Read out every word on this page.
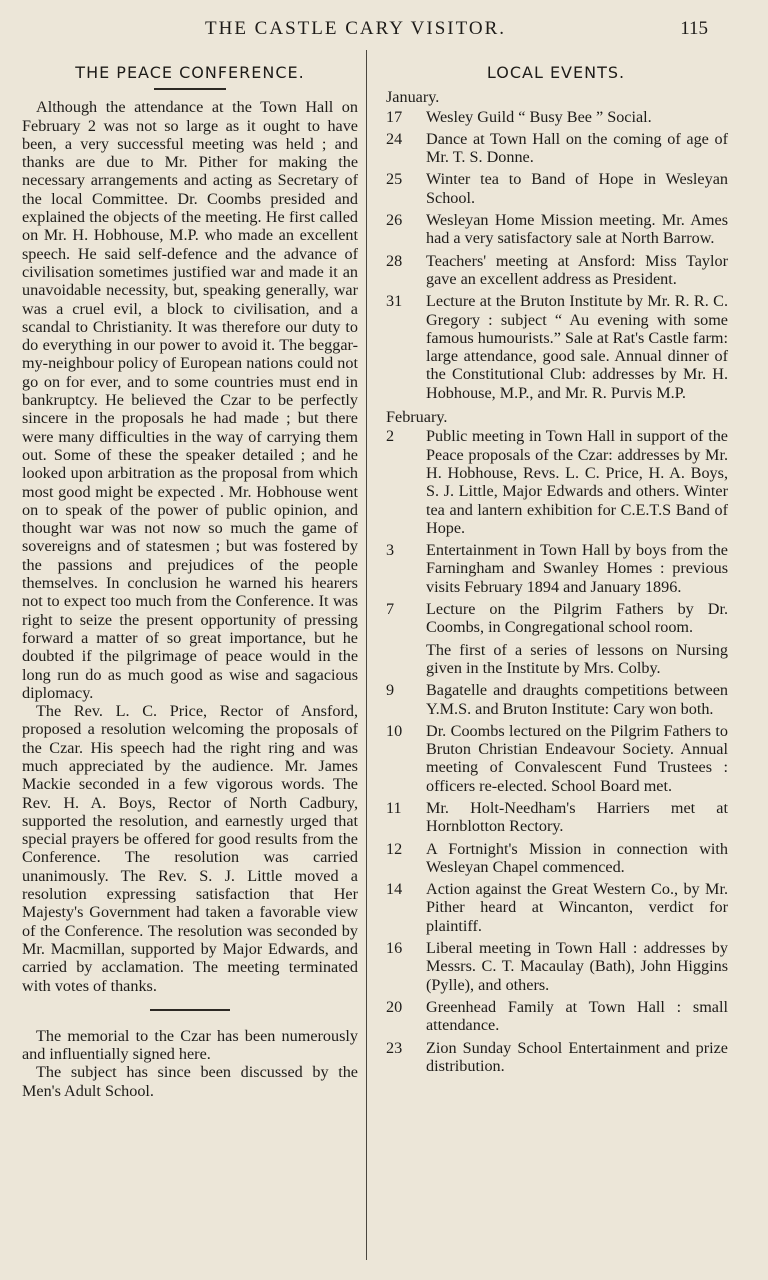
THE CASTLE CARY VISITOR.	115
THE PEACE CONFERENCE.

Although the attendance at the Town Hall on February 2 was not so large as it ought to have been, a very successful meeting was held ; and thanks are due to Mr. Pither for making the necessary arrangements and acting as Secretary of the local Committee. Dr. Coombs presided and explained the objects of the meeting. He first called on Mr. H. Hobhouse, M.P. who made an excellent speech. He said self-defence and the advance of civilisation sometimes justified war and made it an unavoidable necessity, but, speaking generally, war was a cruel evil, a block to civilisation, and a scandal to Christianity. It was therefore our duty to do everything in our power to avoid it. The beggar-my-neighbour policy of European nations could not go on for ever, and to some countries must end in bankruptcy. He believed the Czar to be perfectly sincere in the proposals he had made ; but there were many difficulties in the way of carrying them out. Some of these the speaker detailed ; and he looked upon arbitration as the proposal from which most good might be expected . Mr. Hobhouse went on to speak of the power of public opinion, and thought war was not now so much the game of sovereigns and of statesmen ; but was fostered by the passions and prejudices of the people themselves. In conclusion he warned his hearers not to expect too much from the Conference. It was right to seize the present opportunity of pressing forward a matter of so great importance, but he doubted if the pilgrimage of peace would in the long run do as much good as wise and sagacious diplomacy.

The Rev. L. C. Price, Rector of Ansford, proposed a resolution welcoming the proposals of the Czar. His speech had the right ring and was much appreciated by the audience. Mr. James Mackie seconded in a few vigorous words. The Rev. H. A. Boys, Rector of North Cadbury, supported the resolution, and earnestly urged that special prayers be offered for good results from the Conference. The resolution was carried unanimously. The Rev. S. J. Little moved a resolution expressing satisfaction that Her Majesty's Government had taken a favorable view of the Conference. The resolution was seconded by Mr. Macmillan, supported by Major Edwards, and carried by acclamation. The meeting terminated with votes of thanks.

The memorial to the Czar has been numerously and influentially signed here.

The subject has since been discussed by the Men's Adult School.

LOCAL EVENTS.
January.
17	Wesley Guild “ Busy Bee ” Social.
24	Dance at Town Hall on the coming of age of Mr. T. S. Donne.
25	Winter tea to Band of Hope in Wesleyan School.
26	Wesleyan Home Mission meeting. Mr. Ames had a very satisfactory sale at North Barrow.
28	Teachers' meeting at Ansford: Miss Taylor gave an excellent address as President.
31	Lecture at the Bruton Institute by Mr. R. R. C. Gregory : subject “ Au evening with some famous humourists.” Sale at Rat's Castle farm: large attendance, good sale. Annual dinner of the Constitutional Club: addresses by Mr. H. Hobhouse, M.P., and Mr. R. Purvis M.P.
February.
2	Public meeting in Town Hall in support of the Peace proposals of the Czar: addresses by Mr. H. Hobhouse, Revs. L. C. Price, H. A. Boys, S. J. Little, Major Edwards and others. Winter tea and lantern exhibition for C.E.T.S Band of Hope.
3	Entertainment in Town Hall by boys from the Farningham and Swanley Homes : previous visits February 1894 and January 1896.
7	Lecture on the Pilgrim Fathers by Dr. Coombs, in Congregational school room.
The first of a series of lessons on Nursing given in the Institute by Mrs. Colby.
9	Bagatelle and draughts competitions between Y.M.S. and Bruton Institute: Cary won both.
10	Dr. Coombs lectured on the Pilgrim Fathers to Bruton Christian Endeavour Society. Annual meeting of Convalescent Fund Trustees : officers re-elected. School Board met.
11	Mr. Holt-Needham's Harriers met at Hornblotton Rectory.
12	A Fortnight's Mission in connection with Wesleyan Chapel commenced.
14	Action against the Great Western Co., by Mr. Pither heard at Wincanton, verdict for plaintiff.
16	Liberal meeting in Town Hall : addresses by Messrs. C. T. Macaulay (Bath), John Higgins (Pylle), and others.
20	Greenhead Family at Town Hall : small attendance.
23	Zion Sunday School Entertainment and prize distribution.
